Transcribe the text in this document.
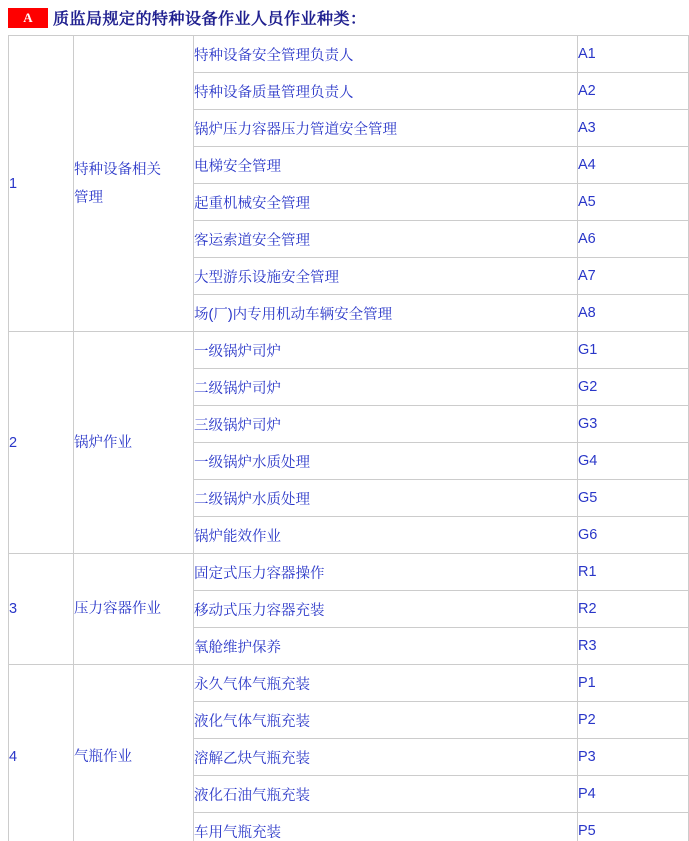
A	质监局规定的特种设备作业人员作业种类：
1	特种设备相关管理	特种设备安全管理负责人	A1
		特种设备质量管理负责人	A2
		锅炉压力容器压力管道安全管理	A3
		电梯安全管理	A4
		起重机械安全管理	A5
		客运索道安全管理	A6
		大型游乐设施安全管理	A7
		场(厂)内专用机动车辆安全管理	A8
2	锅炉作业	一级锅炉司炉	G1
		二级锅炉司炉	G2
		三级锅炉司炉	G3
		一级锅炉水质处理	G4
		二级锅炉水质处理	G5
		锅炉能效作业	G6
3	压力容器作业	固定式压力容器操作	R1
		移动式压力容器充装	R2
		氧舱维护保养	R3
4	气瓶作业	永久气体气瓶充装	P1
		液化气体气瓶充装	P2
		溶解乙炔气瓶充装	P3
		液化石油气瓶充装	P4
		车用气瓶充装	P5
